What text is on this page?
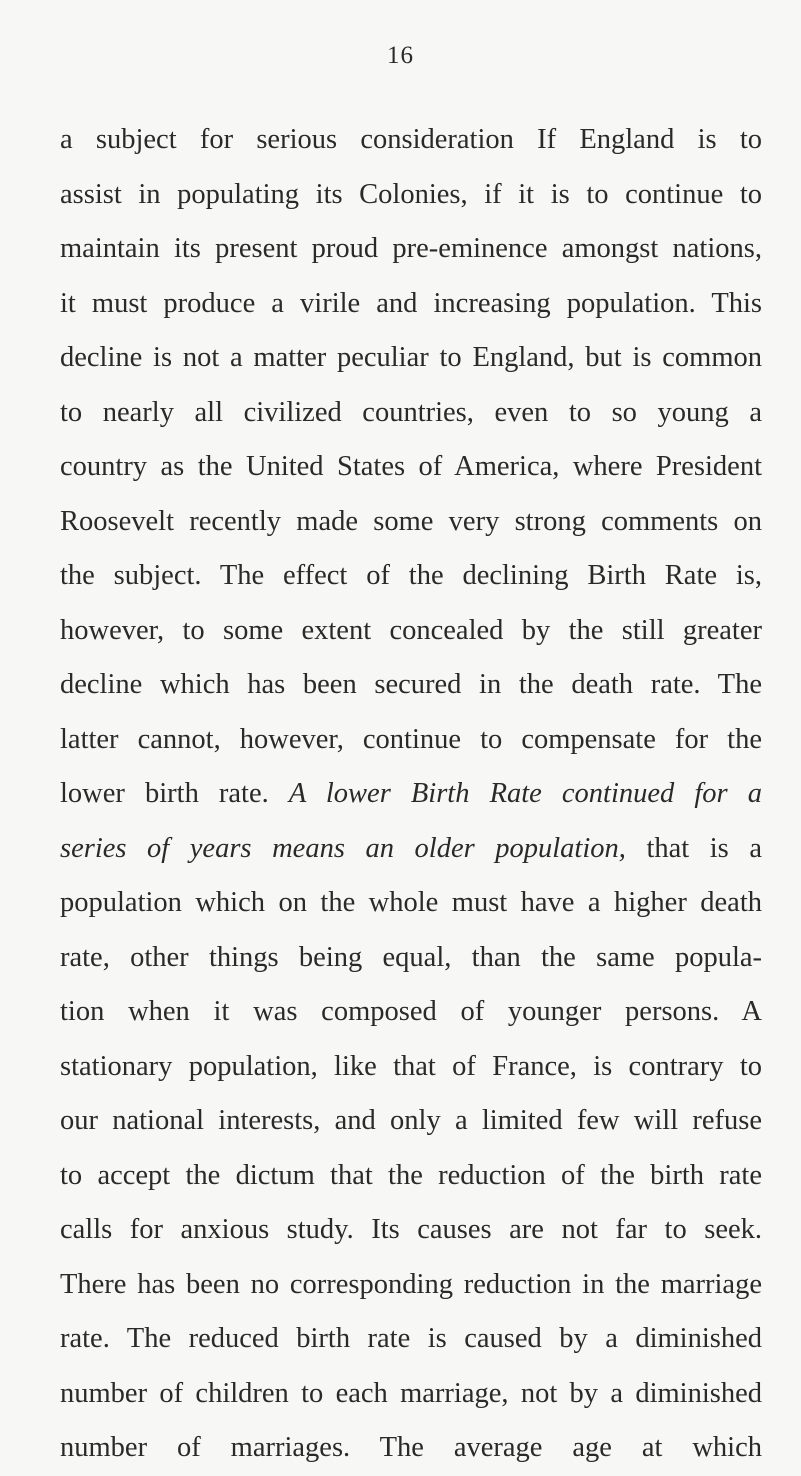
16
a subject for serious consideration If England is to
assist in populating its Colonies, if it is to continue to
maintain its present proud pre-eminence amongst nations,
it must produce a virile and increasing population. This
decline is not a matter peculiar to England, but is common
to nearly all civilized countries, even to so young a
country as the United States of America, where President
Roosevelt recently made some very strong comments on
the subject. The effect of the declining Birth Rate is,
however, to some extent concealed by the still greater
decline which has been secured in the death rate. The
latter cannot, however, continue to compensate for the
lower birth rate. A lower Birth Rate continued for a
series of years means an older population, that is a
population which on the whole must have a higher death
rate, other things being equal, than the same popula-
tion when it was composed of younger persons. A
stationary population, like that of France, is contrary to
our national interests, and only a limited few will refuse
to accept the dictum that the reduction of the birth rate
calls for anxious study. Its causes are not far to seek.
There has been no corresponding reduction in the marriage
rate. The reduced birth rate is caused by a diminished
number of children to each marriage, not by a diminished
number of marriages. The average age at which
